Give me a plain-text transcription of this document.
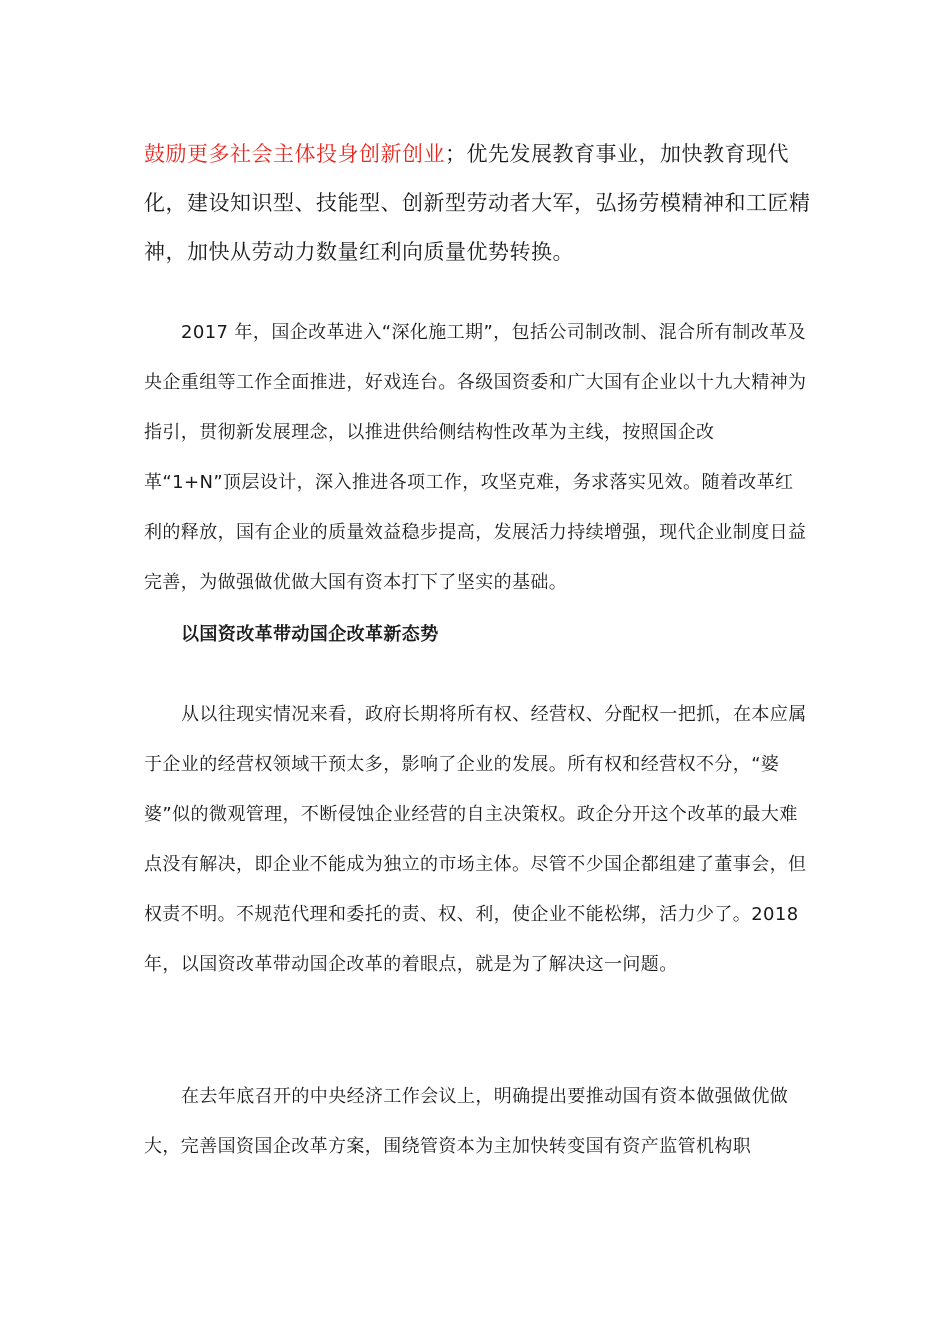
鼓励更多社会主体投身创新创业；优先发展教育事业，加快教育现代化，建设知识型、技能型、创新型劳动者大军，弘扬劳模精神和工匠精神，加快从劳动力数量红利向质量优势转换。

2017 年，国企改革进入“深化施工期”，包括公司制改制、混合所有制改革及央企重组等工作全面推进，好戏连台。各级国资委和广大国有企业以十九大精神为指引，贯彻新发展理念，以推进供给侧结构性改革为主线，按照国企改革“1+N”顶层设计，深入推进各项工作，攻坚克难，务求落实见效。随着改革红利的释放，国有企业的质量效益稳步提高，发展活力持续增强，现代企业制度日益完善，为做强做优做大国有资本打下了坚实的基础。

以国资改革带动国企改革新态势

从以往现实情况来看，政府长期将所有权、经营权、分配权一把抓，在本应属于企业的经营权领域干预太多，影响了企业的发展。所有权和经营权不分，“婆婆”似的微观管理，不断侵蚀企业经营的自主决策权。政企分开这个改革的最大难点没有解决，即企业不能成为独立的市场主体。尽管不少国企都组建了董事会，但权责不明。不规范代理和委托的责、权、利，使企业不能松绑，活力少了。2018 年，以国资改革带动国企改革的着眼点，就是为了解决这一问题。

在去年底召开的中央经济工作会议上，明确提出要推动国有资本做强做优做大，完善国资国企改革方案，围绕管资本为主加快转变国有资产监管机构职
